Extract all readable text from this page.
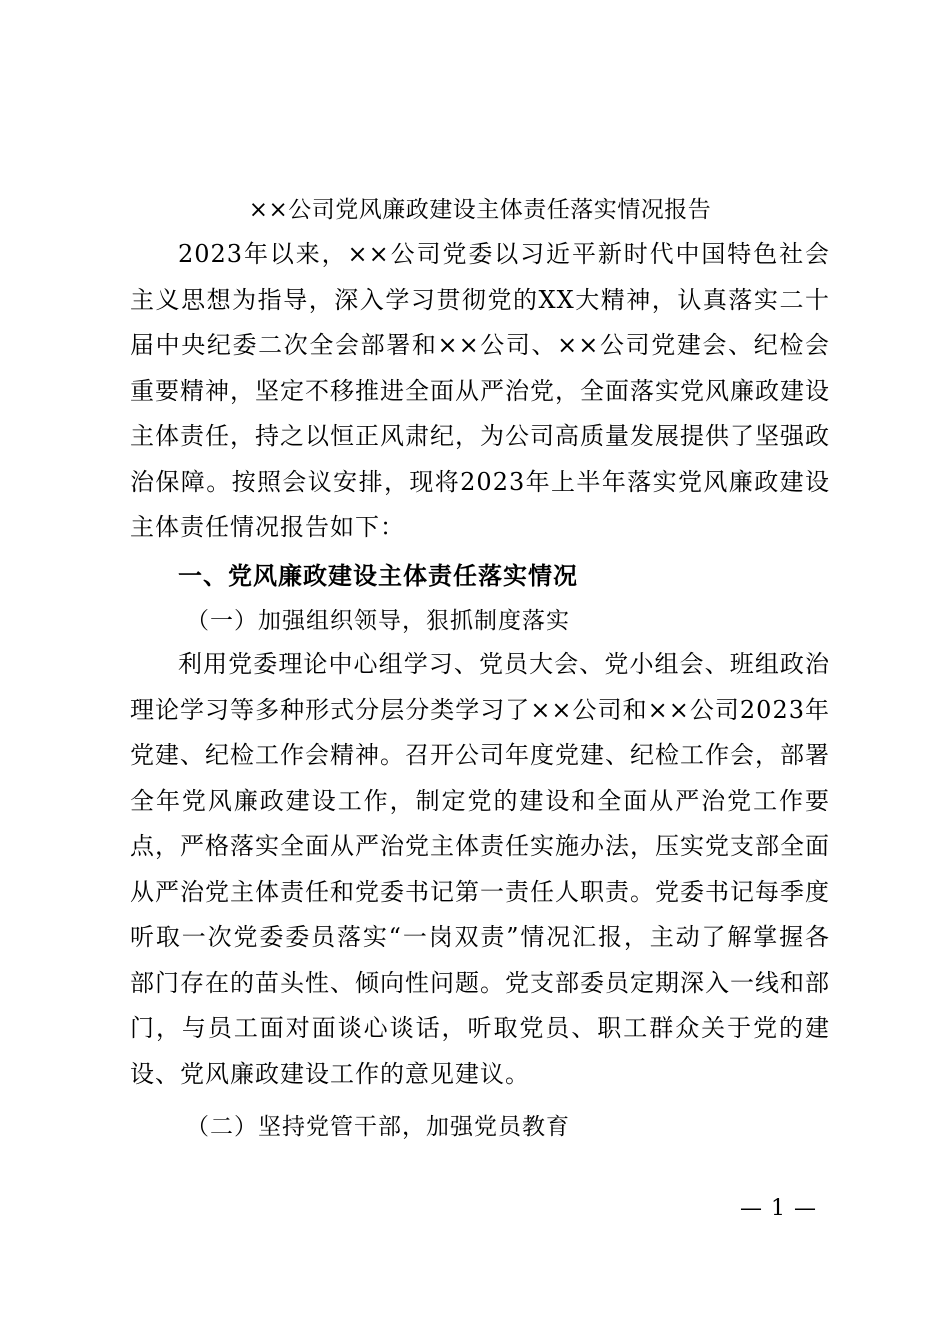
××公司党风廉政建设主体责任落实情况报告

2023年以来，××公司党委以习近平新时代中国特色社会主义思想为指导，深入学习贯彻党的XX大精神，认真落实二十届中央纪委二次全会部署和××公司、××公司党建会、纪检会重要精神，坚定不移推进全面从严治党，全面落实党风廉政建设主体责任，持之以恒正风肃纪，为公司高质量发展提供了坚强政治保障。按照会议安排，现将2023年上半年落实党风廉政建设主体责任情况报告如下：

一、党风廉政建设主体责任落实情况
（一）加强组织领导，狠抓制度落实

利用党委理论中心组学习、党员大会、党小组会、班组政治理论学习等多种形式分层分类学习了××公司和××公司2023年党建、纪检工作会精神。召开公司年度党建、纪检工作会，部署全年党风廉政建设工作，制定党的建设和全面从严治党工作要点，严格落实全面从严治党主体责任实施办法，压实党支部全面从严治党主体责任和党委书记第一责任人职责。党委书记每季度听取一次党委委员落实“一岗双责”情况汇报，主动了解掌握各部门存在的苗头性、倾向性问题。党支部委员定期深入一线和部门，与员工面对面谈心谈话，听取党员、职工群众关于党的建设、党风廉政建设工作的意见建议。

（二）坚持党管干部，加强党员教育
— 1 —
